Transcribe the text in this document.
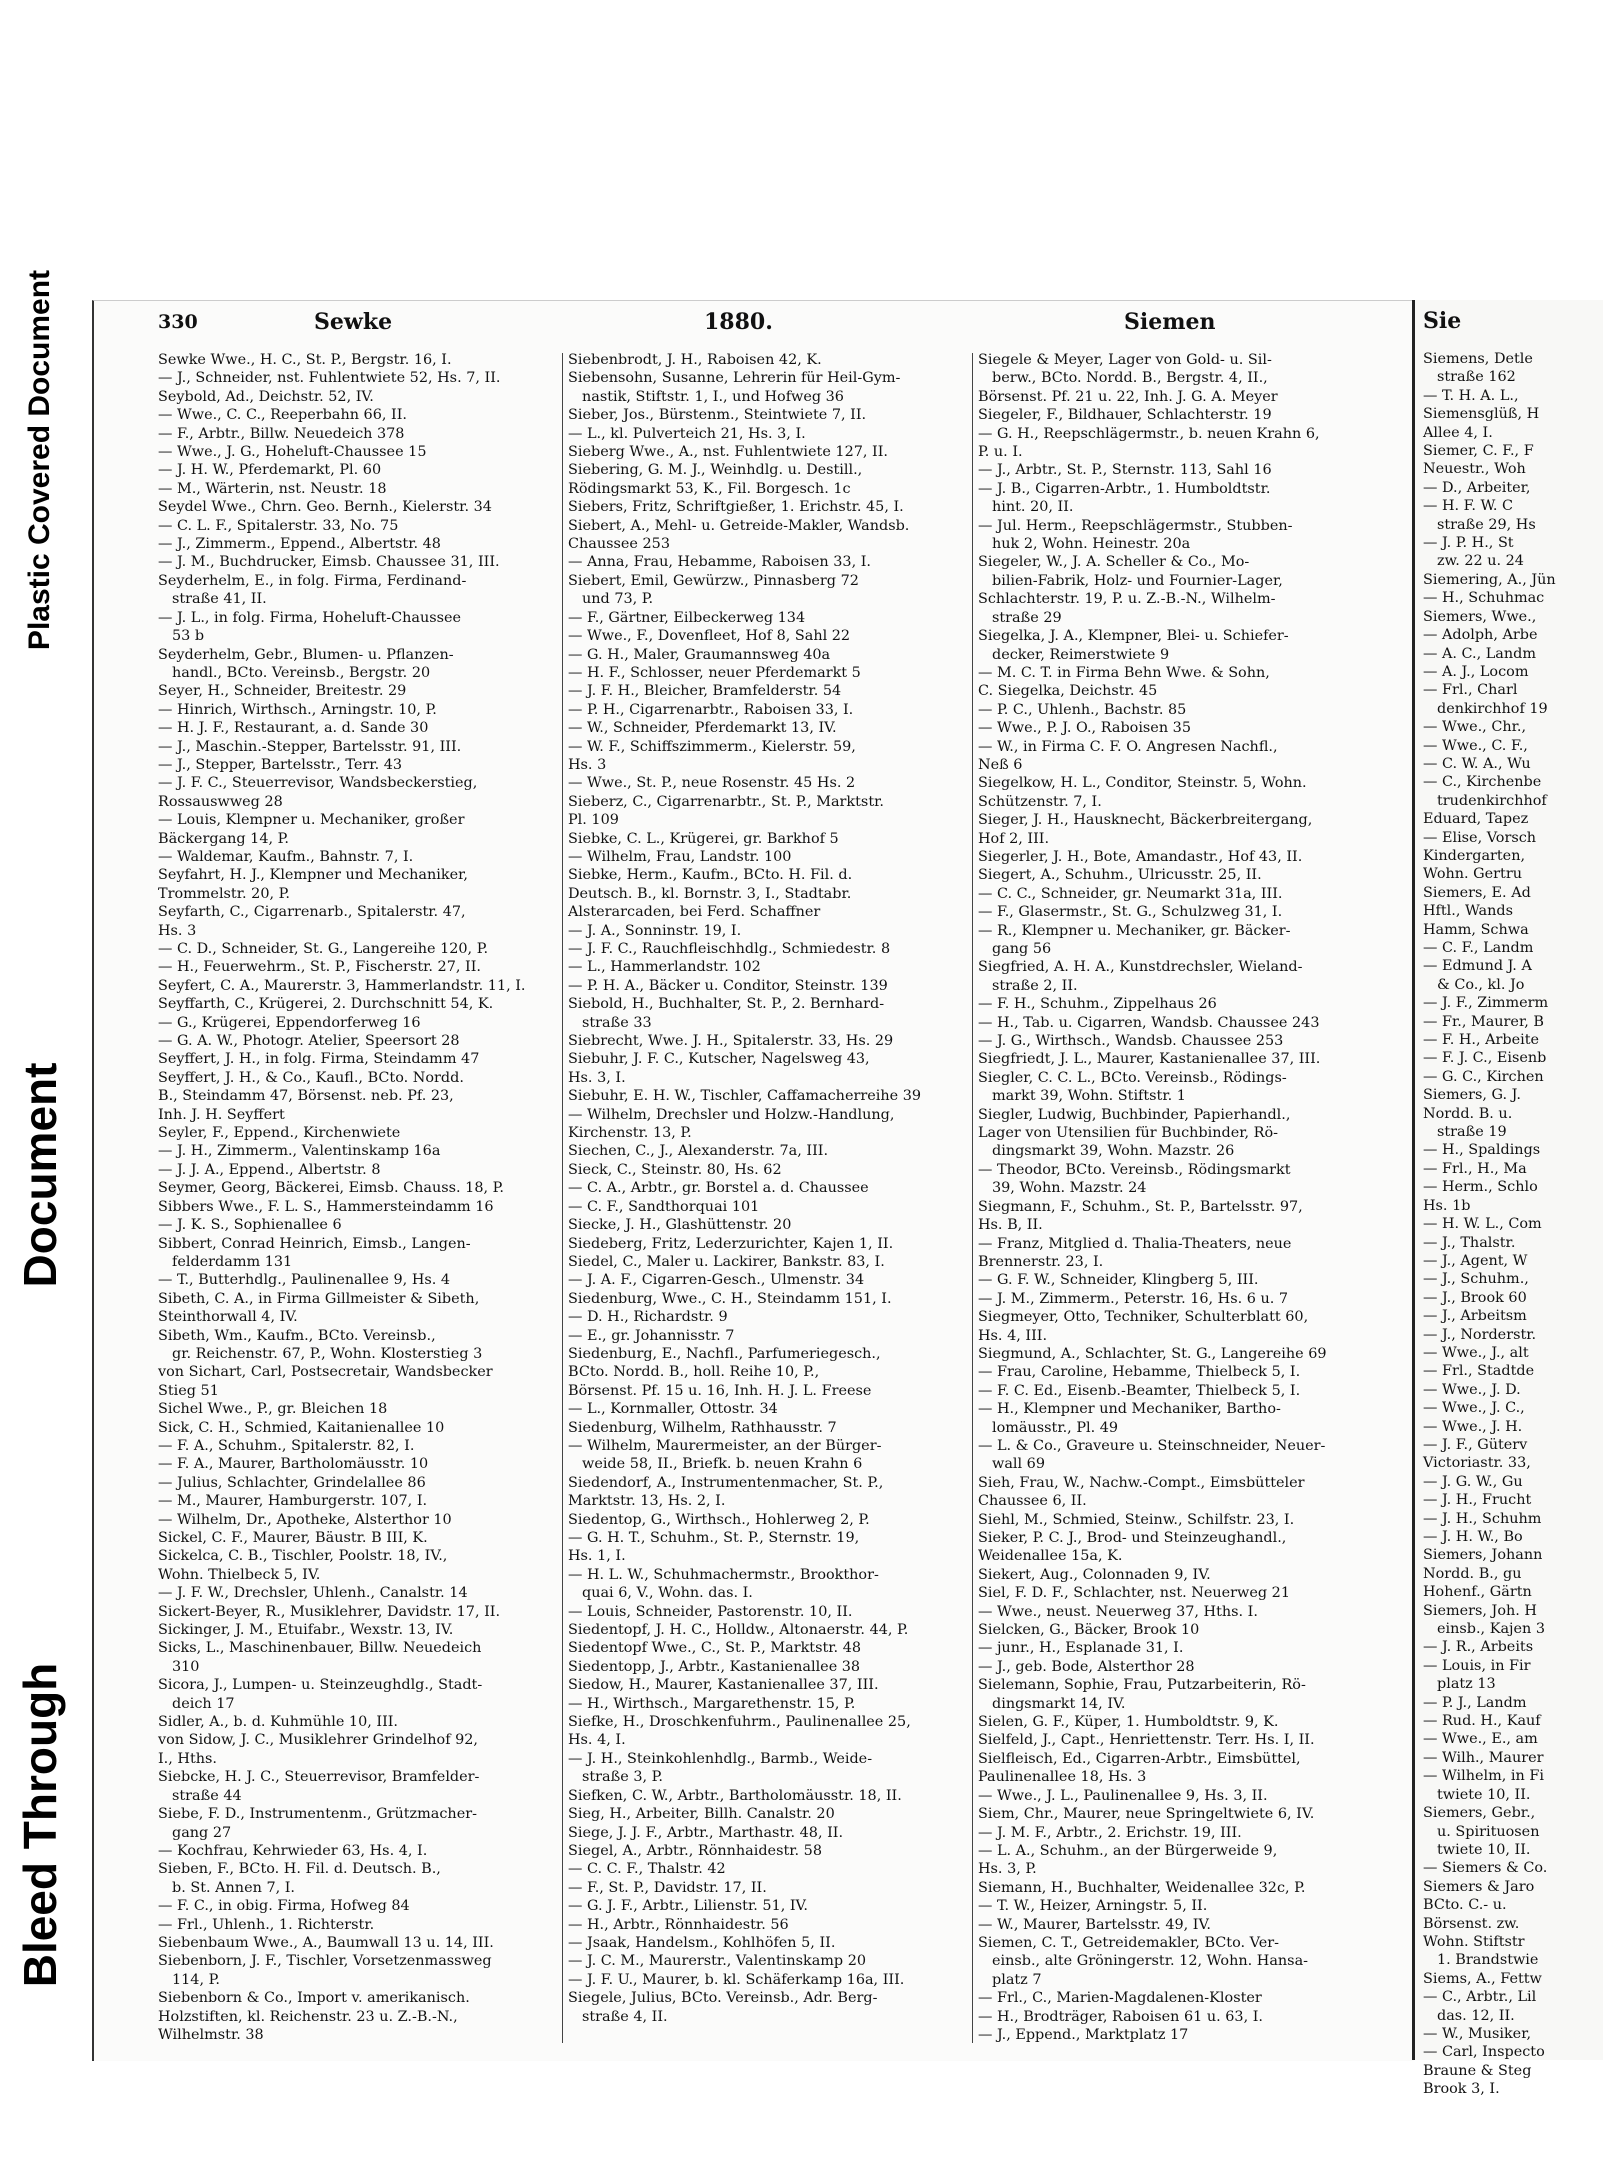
Plastic Covered Document
Document
Bleed Through
330	Sewke	1880.	Siemen
Sewke Wwe., H. C., St. P., Bergstr. 16, I.
— J., Schneider, nst. Fuhlentwiete 52, Hs. 7, II.
Seybold, Ad., Deichstr. 52, IV.
— Wwe., C. C., Reeperbahn 66, II.
— F., Arbtr., Billw. Neuedeich 378
— Wwe., J. G., Hoheluft-Chaussee 15
— J. H. W., Pferdemarkt, Pl. 60
— M., Wärterin, nst. Neustr. 18
Seydel Wwe., Chrn. Geo. Bernh., Kielerstr. 34
— C. L. F., Spitalerstr. 33, No. 75
— J., Zimmerm., Eppend., Albertstr. 48
— J. M., Buchdrucker, Eimsb. Chaussee 31, III.
Seyderhelm, E., in folg. Firma, Ferdinand-
straße 41, II.
— J. L., in folg. Firma, Hoheluft-Chaussee
53 b
Seyderhelm, Gebr., Blumen- u. Pflanzen-
handl., BCto. Vereinsb., Bergstr. 20
Seyer, H., Schneider, Breitestr. 29
— Hinrich, Wirthsch., Arningstr. 10, P.
— H. J. F., Restaurant, a. d. Sande 30
— J., Maschin.-Stepper, Bartelsstr. 91, III.
— J., Stepper, Bartelsstr., Terr. 43
— J. F. C., Steuerrevisor, Wandsbeckerstieg,
Rossauswweg 28
— Louis, Klempner u. Mechaniker, großer
Bäckergang 14, P.
— Waldemar, Kaufm., Bahnstr. 7, I.
Seyfahrt, H. J., Klempner und Mechaniker,
Trommelstr. 20, P.
Seyfarth, C., Cigarrenarb., Spitalerstr. 47,
Hs. 3
— C. D., Schneider, St. G., Langereihe 120, P.
— H., Feuerwehrm., St. P., Fischerstr. 27, II.
Seyfert, C. A., Maurerstr. 3, Hammerlandstr. 11, I.
Seyffarth, C., Krügerei, 2. Durchschnitt 54, K.
— G., Krügerei, Eppendorferweg 16
— G. A. W., Photogr. Atelier, Speersort 28
Seyffert, J. H., in folg. Firma, Steindamm 47
Seyffert, J. H., & Co., Kaufl., BCto. Nordd.
B., Steindamm 47, Börsenst. neb. Pf. 23,
Inh. J. H. Seyffert
Seyler, F., Eppend., Kirchenwiete
— J. H., Zimmerm., Valentinskamp 16a
— J. J. A., Eppend., Albertstr. 8
Seymer, Georg, Bäckerei, Eimsb. Chauss. 18, P.
Sibbers Wwe., F. L. S., Hammersteindamm 16
— J. K. S., Sophienallee 6
Sibbert, Conrad Heinrich, Eimsb., Langen-
felderdamm 131
— T., Butterhdlg., Paulinenallee 9, Hs. 4
Sibeth, C. A., in Firma Gillmeister & Sibeth,
Steinthorwall 4, IV.
Sibeth, Wm., Kaufm., BCto. Vereinsb.,
gr. Reichenstr. 67, P., Wohn. Klosterstieg 3
von Sichart, Carl, Postsecretair, Wandsbecker
Stieg 51
Sichel Wwe., P., gr. Bleichen 18
Sick, C. H., Schmied, Kaitanienallee 10
— F. A., Schuhm., Spitalerstr. 82, I.
— F. A., Maurer, Bartholomäusstr. 10
— Julius, Schlachter, Grindelallee 86
— M., Maurer, Hamburgerstr. 107, I.
— Wilhelm, Dr., Apotheke, Alsterthor 10
Sickel, C. F., Maurer, Bäustr. B III, K.
Sickelca, C. B., Tischler, Poolstr. 18, IV.,
Wohn. Thielbeck 5, IV.
— J. F. W., Drechsler, Uhlenh., Canalstr. 14
Sickert-Beyer, R., Musiklehrer, Davidstr. 17, II.
Sickinger, J. M., Etuifabr., Wexstr. 13, IV.
Sicks, L., Maschinenbauer, Billw. Neuedeich
310
Sicora, J., Lumpen- u. Steinzeughdlg., Stadt-
deich 17
Sidler, A., b. d. Kuhmühle 10, III.
von Sidow, J. C., Musiklehrer Grindelhof 92,
I., Hths.
Siebcke, H. J. C., Steuerrevisor, Bramfelder-
straße 44
Siebe, F. D., Instrumentenm., Grützmacher-
gang 27
— Kochfrau, Kehrwieder 63, Hs. 4, I.
Sieben, F., BCto. H. Fil. d. Deutsch. B.,
b. St. Annen 7, I.
— F. C., in obig. Firma, Hofweg 84
— Frl., Uhlenh., 1. Richterstr.
Siebenbaum Wwe., A., Baumwall 13 u. 14, III.
Siebenborn, J. F., Tischler, Vorsetzenmassweg
114, P.
Siebenborn & Co., Import v. amerikanisch.
Holzstiften, kl. Reichenstr. 23 u. Z.-B.-N.,
Wilhelmstr. 38
Siebenbrodt, J. H., Raboisen 42, K.
Siebensohn, Susanne, Lehrerin für Heil-Gym-
nastik, Stiftstr. 1, I., und Hofweg 36
Sieber, Jos., Bürstenm., Steintwiete 7, II.
— L., kl. Pulverteich 21, Hs. 3, I.
Sieberg Wwe., A., nst. Fuhlentwiete 127, II.
Siebering, G. M. J., Weinhdlg. u. Destill.,
Rödingsmarkt 53, K., Fil. Borgesch. 1c
Siebers, Fritz, Schriftgießer, 1. Erichstr. 45, I.
Siebert, A., Mehl- u. Getreide-Makler, Wandsb.
Chaussee 253
— Anna, Frau, Hebamme, Raboisen 33, I.
Siebert, Emil, Gewürzw., Pinnasberg 72
und 73, P.
— F., Gärtner, Eilbeckerweg 134
— Wwe., F., Dovenfleet, Hof 8, Sahl 22
— G. H., Maler, Graumannsweg 40a
— H. F., Schlosser, neuer Pferdemarkt 5
— J. F. H., Bleicher, Bramfelderstr. 54
— P. H., Cigarrenarbtr., Raboisen 33, I.
— W., Schneider, Pferdemarkt 13, IV.
— W. F., Schiffszimmerm., Kielerstr. 59,
Hs. 3
— Wwe., St. P., neue Rosenstr. 45 Hs. 2
Sieberz, C., Cigarrenarbtr., St. P., Marktstr.
Pl. 109
Siebke, C. L., Krügerei, gr. Barkhof 5
— Wilhelm, Frau, Landstr. 100
Siebke, Herm., Kaufm., BCto. H. Fil. d.
Deutsch. B., kl. Bornstr. 3, I., Stadtabr.
Alsterarcaden, bei Ferd. Schaffner
— J. A., Sonninstr. 19, I.
— J. F. C., Rauchfleischhdlg., Schmiedestr. 8
— L., Hammerlandstr. 102
— P. H. A., Bäcker u. Conditor, Steinstr. 139
Siebold, H., Buchhalter, St. P., 2. Bernhard-
straße 33
Siebrecht, Wwe. J. H., Spitalerstr. 33, Hs. 29
Siebuhr, J. F. C., Kutscher, Nagelsweg 43,
Hs. 3, I.
Siebuhr, E. H. W., Tischler, Caffamacherreihe 39
— Wilhelm, Drechsler und Holzw.-Handlung,
Kirchenstr. 13, P.
Siechen, C., J., Alexanderstr. 7a, III.
Sieck, C., Steinstr. 80, Hs. 62
— C. A., Arbtr., gr. Borstel a. d. Chaussee
— C. F., Sandthorquai 101
Siecke, J. H., Glashüttenstr. 20
Siedeberg, Fritz, Lederzurichter, Kajen 1, II.
Siedel, C., Maler u. Lackirer, Bankstr. 83, I.
— J. A. F., Cigarren-Gesch., Ulmenstr. 34
Siedenburg, Wwe., C. H., Steindamm 151, I.
— D. H., Richardstr. 9
— E., gr. Johannisstr. 7
Siedenburg, E., Nachfl., Parfumeriegesch.,
BCto. Nordd. B., holl. Reihe 10, P.,
Börsenst. Pf. 15 u. 16, Inh. H. J. L. Freese
— L., Kornmaller, Ottostr. 34
Siedenburg, Wilhelm, Rathhausstr. 7
— Wilhelm, Maurermeister, an der Bürger-
weide 58, II., Briefk. b. neuen Krahn 6
Siedendorf, A., Instrumentenmacher, St. P.,
Marktstr. 13, Hs. 2, I.
Siedentop, G., Wirthsch., Hohlerweg 2, P.
— G. H. T., Schuhm., St. P., Sternstr. 19,
Hs. 1, I.
— H. L. W., Schuhmachermstr., Brookthor-
quai 6, V., Wohn. das. I.
— Louis, Schneider, Pastorenstr. 10, II.
Siedentopf, J. H. C., Holldw., Altonaerstr. 44, P.
Siedentopf Wwe., C., St. P., Marktstr. 48
Siedentopp, J., Arbtr., Kastanienallee 38
Siedow, H., Maurer, Kastanienallee 37, III.
— H., Wirthsch., Margarethenstr. 15, P.
Siefke, H., Droschkenfuhrm., Paulinenallee 25,
Hs. 4, I.
— J. H., Steinkohlenhdlg., Barmb., Weide-
straße 3, P.
Siefken, C. W., Arbtr., Bartholomäusstr. 18, II.
Sieg, H., Arbeiter, Billh. Canalstr. 20
Siege, J. J. F., Arbtr., Marthastr. 48, II.
Siegel, A., Arbtr., Rönnhaidestr. 58
— C. C. F., Thalstr. 42
— F., St. P., Davidstr. 17, II.
— G. J. F., Arbtr., Lilienstr. 51, IV.
— H., Arbtr., Rönnhaidestr. 56
— Jsaak, Handelsm., Kohlhöfen 5, II.
— J. C. M., Maurerstr., Valentinskamp 20
— J. F. U., Maurer, b. kl. Schäferkamp 16a, III.
Siegele, Julius, BCto. Vereinsb., Adr. Berg-
straße 4, II.
Siegele & Meyer, Lager von Gold- u. Sil-
berw., BCto. Nordd. B., Bergstr. 4, II.,
Börsenst. Pf. 21 u. 22, Inh. J. G. A. Meyer
Siegeler, F., Bildhauer, Schlachterstr. 19
— G. H., Reepschlägermstr., b. neuen Krahn 6,
P. u. I.
— J., Arbtr., St. P., Sternstr. 113, Sahl 16
— J. B., Cigarren-Arbtr., 1. Humboldtstr.
hint. 20, II.
— Jul. Herm., Reepschlägermstr., Stubben-
huk 2, Wohn. Heinestr. 20a
Siegeler, W., J. A. Scheller & Co., Mo-
bilien-Fabrik, Holz- und Fournier-Lager,
Schlachterstr. 19, P. u. Z.-B.-N., Wilhelm-
straße 29
Siegelka, J. A., Klempner, Blei- u. Schiefer-
decker, Reimerstwiete 9
— M. C. T. in Firma Behn Wwe. & Sohn,
C. Siegelka, Deichstr. 45
— P. C., Uhlenh., Bachstr. 85
— Wwe., P. J. O., Raboisen 35
— W., in Firma C. F. O. Angresen Nachfl.,
Neß 6
Siegelkow, H. L., Conditor, Steinstr. 5, Wohn.
Schützenstr. 7, I.
Sieger, J. H., Hausknecht, Bäckerbreitergang,
Hof 2, III.
Siegerler, J. H., Bote, Amandastr., Hof 43, II.
Siegert, A., Schuhm., Ulricusstr. 25, II.
— C. C., Schneider, gr. Neumarkt 31a, III.
— F., Glasermstr., St. G., Schulzweg 31, I.
— R., Klempner u. Mechaniker, gr. Bäcker-
gang 56
Siegfried, A. H. A., Kunstdrechsler, Wieland-
straße 2, II.
— F. H., Schuhm., Zippelhaus 26
— H., Tab. u. Cigarren, Wandsb. Chaussee 243
— J. G., Wirthsch., Wandsb. Chaussee 253
Siegfriedt, J. L., Maurer, Kastanienallee 37, III.
Siegler, C. C. L., BCto. Vereinsb., Rödings-
markt 39, Wohn. Stiftstr. 1
Siegler, Ludwig, Buchbinder, Papierhandl.,
Lager von Utensilien für Buchbinder, Rö-
dingsmarkt 39, Wohn. Mazstr. 26
— Theodor, BCto. Vereinsb., Rödingsmarkt
39, Wohn. Mazstr. 24
Siegmann, F., Schuhm., St. P., Bartelsstr. 97,
Hs. B, II.
— Franz, Mitglied d. Thalia-Theaters, neue
Brennerstr. 23, I.
— G. F. W., Schneider, Klingberg 5, III.
— J. M., Zimmerm., Peterstr. 16, Hs. 6 u. 7
Siegmeyer, Otto, Techniker, Schulterblatt 60,
Hs. 4, III.
Siegmund, A., Schlachter, St. G., Langereihe 69
— Frau, Caroline, Hebamme, Thielbeck 5, I.
— F. C. Ed., Eisenb.-Beamter, Thielbeck 5, I.
— H., Klempner und Mechaniker, Bartho-
lomäusstr., Pl. 49
— L. & Co., Graveure u. Steinschneider, Neuer-
wall 69
Sieh, Frau, W., Nachw.-Compt., Eimsbütteler
Chaussee 6, II.
Siehl, M., Schmied, Steinw., Schilfstr. 23, I.
Sieker, P. C. J., Brod- und Steinzeughandl.,
Weidenallee 15a, K.
Siekert, Aug., Colonnaden 9, IV.
Siel, F. D. F., Schlachter, nst. Neuerweg 21
— Wwe., neust. Neuerweg 37, Hths. I.
Sielcken, G., Bäcker, Brook 10
— junr., H., Esplanade 31, I.
— J., geb. Bode, Alsterthor 28
Sielemann, Sophie, Frau, Putzarbeiterin, Rö-
dingsmarkt 14, IV.
Sielen, G. F., Küper, 1. Humboldtstr. 9, K.
Sielfeld, J., Capt., Henriettenstr. Terr. Hs. I, II.
Sielfleisch, Ed., Cigarren-Arbtr., Eimsbüttel,
Paulinenallee 18, Hs. 3
— Wwe., J. L., Paulinenallee 9, Hs. 3, II.
Siem, Chr., Maurer, neue Springeltwiete 6, IV.
— J. M. F., Arbtr., 2. Erichstr. 19, III.
— L. A., Schuhm., an der Bürgerweide 9,
Hs. 3, P.
Siemann, H., Buchhalter, Weidenallee 32c, P.
— T. W., Heizer, Arningstr. 5, II.
— W., Maurer, Bartelsstr. 49, IV.
Siemen, C. T., Getreidemakler, BCto. Ver-
einsb., alte Gröningerstr. 12, Wohn. Hansa-
platz 7
— Frl., C., Marien-Magdalenen-Kloster
— H., Brodträger, Raboisen 61 u. 63, I.
— J., Eppend., Marktplatz 17
Sie
Siemens, Detle
straße 162
— T. H. A. L.,
Siemensglüß, H
Allee 4, I.
Siemer, C. F., F
Neuestr., Woh
— D., Arbeiter,
— H. F. W. C
straße 29, Hs
— J. P. H., St
zw. 22 u. 24
Siemering, A., Jün
— H., Schuhmac
Siemers, Wwe.,
— Adolph, Arbe
— A. C., Landm
— A. J., Locom
— Frl., Charl
denkirchhof 19
— Wwe., Chr.,
— Wwe., C. F.,
— C. W. A., Wu
— C., Kirchenbe
trudenkirchhof
Eduard, Tapez
— Elise, Vorsch
Kindergarten,
Wohn. Gertru
Siemers, E. Ad
Hftl., Wands
Hamm, Schwa
— C. F., Landm
— Edmund J. A
& Co., kl. Jo
— J. F., Zimmerm
— Fr., Maurer, B
— F. H., Arbeite
— F. J. C., Eisenb
— G. C., Kirchen
Siemers, G. J.
Nordd. B. u.
straße 19
— H., Spaldings
— Frl., H., Ma
— Herm., Schlo
Hs. 1b
— H. W. L., Com
— J., Thalstr.
— J., Agent, W
— J., Schuhm.,
— J., Brook 60
— J., Arbeitsm
— J., Norderstr.
— Wwe., J., alt
— Frl., Stadtde
— Wwe., J. D.
— Wwe., J. C.,
— Wwe., J. H.
— J. F., Güterv
Victoriastr. 33,
— J. G. W., Gu
— J. H., Frucht
— J. H., Schuhm
— J. H. W., Bo
Siemers, Johann
Nordd. B., gu
Hohenf., Gärtn
Siemers, Joh. H
einsb., Kajen 3
— J. R., Arbeits
— Louis, in Fir
platz 13
— P. J., Landm
— Rud. H., Kauf
— Wwe., E., am
— Wilh., Maurer
— Wilhelm, in Fi
twiete 10, II.
Siemers, Gebr.,
u. Spirituosen
twiete 10, II.
— Siemers & Co.
Siemers & Jaro
BCto. C.- u.
Börsenst. zw.
Wohn. Stiftstr
1. Brandstwie
Siems, A., Fettw
— C., Arbtr., Lil
das. 12, II.
— W., Musiker,
— Carl, Inspecto
Braune & Steg
Brook 3, I.
